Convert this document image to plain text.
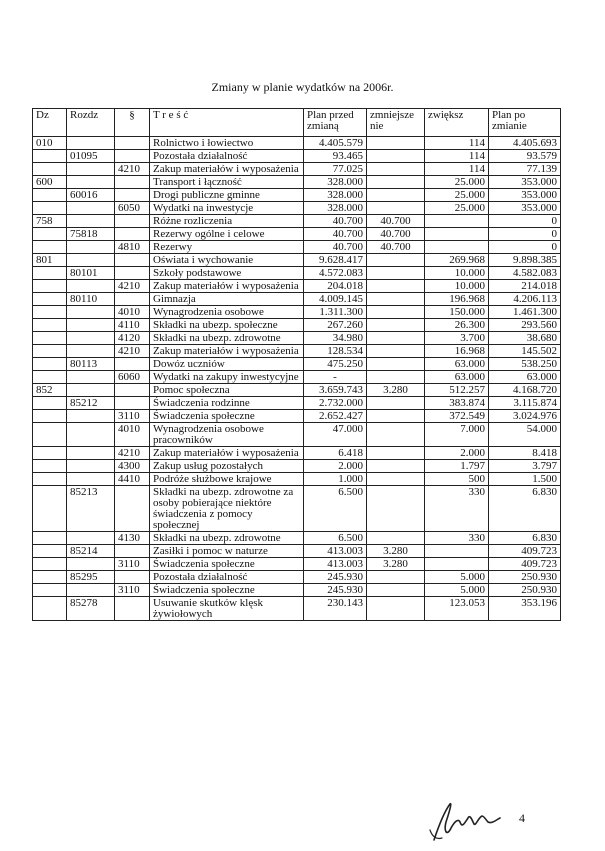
Zmiany w planie wydatków na 2006r.
Dz	Rozdz	§	T r e ś ć	Plan przed zmianą	zmniejsze nie	zwiększ	Plan po zmianie
010			Rolnictwo i łowiectwo	4.405.579		114	4.405.693
	01095		Pozostała działalność	93.465		114	93.579
		4210	Zakup materiałów i wyposażenia	77.025		114	77.139
600			Transport i łączność	328.000		25.000	353.000
	60016		Drogi publiczne gminne	328.000		25.000	353.000
		6050	Wydatki na inwestycje	328.000		25.000	353.000
758			Różne rozliczenia	40.700	40.700		0
	75818		Rezerwy ogólne i celowe	40.700	40.700		0
		4810	Rezerwy	40.700	40.700		0
801			Oświata i wychowanie	9.628.417		269.968	9.898.385
	80101		Szkoły podstawowe	4.572.083		10.000	4.582.083
		4210	Zakup materiałów i wyposażenia	204.018		10.000	214.018
	80110		Gimnazja	4.009.145		196.968	4.206.113
		4010	Wynagrodzenia osobowe	1.311.300		150.000	1.461.300
		4110	Składki na ubezp. społeczne	267.260		26.300	293.560
		4120	Składki na ubezp. zdrowotne	34.980		3.700	38.680
		4210	Zakup materiałów i wyposażenia	128.534		16.968	145.502
	80113		Dowóz uczniów	475.250		63.000	538.250
		6060	Wydatki na zakupy inwestycyjne	-		63.000	63.000
852			Pomoc społeczna	3.659.743	3.280	512.257	4.168.720
	85212		Świadczenia rodzinne	2.732.000		383.874	3.115.874
		3110	Świadczenia społeczne	2.652.427		372.549	3.024.976
		4010	Wynagrodzenia osobowe pracowników	47.000		7.000	54.000
		4210	Zakup materiałów i wyposażenia	6.418		2.000	8.418
		4300	Zakup usług pozostałych	2.000		1.797	3.797
		4410	Podróże służbowe krajowe	1.000		500	1.500
	85213		Składki na ubezp. zdrowotne za osoby pobierające niektóre świadczenia z pomocy społecznej	6.500		330	6.830
		4130	Składki na ubezp. zdrowotne	6.500		330	6.830
	85214		Zasiłki i pomoc w naturze	413.003	3.280		409.723
		3110	Świadczenia społeczne	413.003	3.280		409.723
	85295		Pozostała działalność	245.930		5.000	250.930
		3110	Świadczenia społeczne	245.930		5.000	250.930
	85278		Usuwanie skutków klęsk żywiołowych	230.143		123.053	353.196
4
